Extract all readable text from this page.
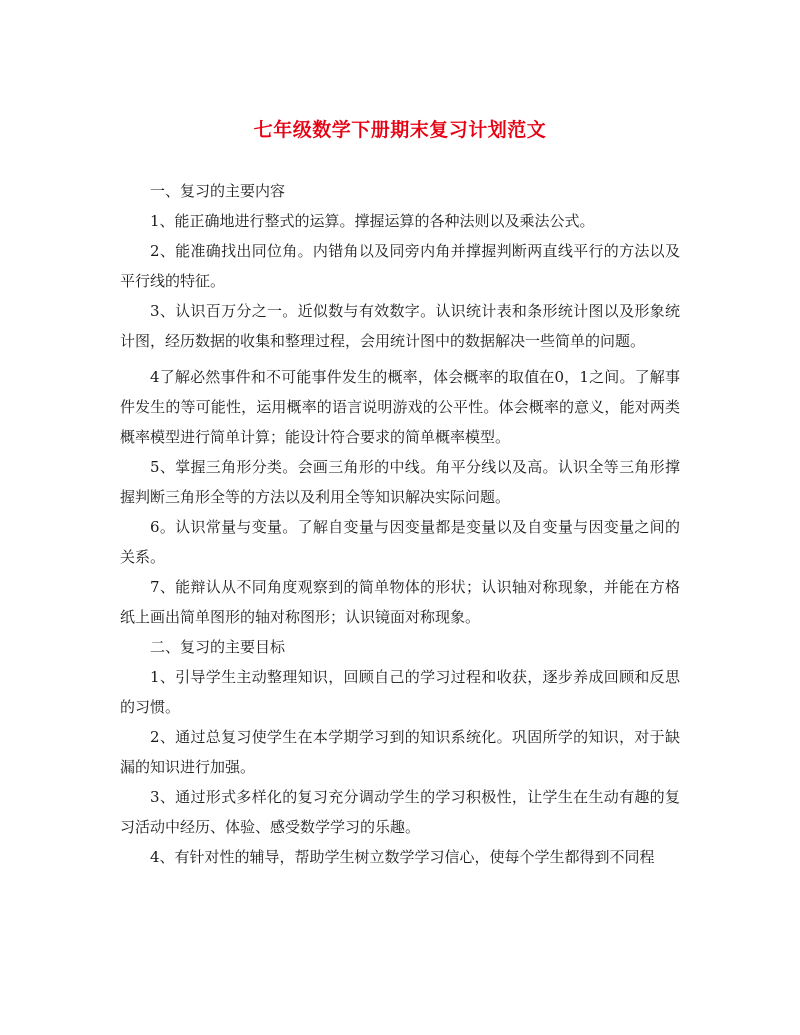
七年级数学下册期末复习计划范文

一、复习的主要内容

1、能正确地进行整式的运算。撑握运算的各种法则以及乘法公式。

2、能准确找出同位角。内错角以及同旁内角并撑握判断两直线平行的方法以及平行线的特征。

3、认识百万分之一。近似数与有效数字。认识统计表和条形统计图以及形象统计图，经历数据的收集和整理过程，会用统计图中的数据解决一些简单的问题。

4了解必然事件和不可能事件发生的概率，体会概率的取值在0，1之间。了解事件发生的等可能性，运用概率的语言说明游戏的公平性。体会概率的意义，能对两类概率模型进行简单计算；能设计符合要求的简单概率模型。

5、掌握三角形分类。会画三角形的中线。角平分线以及高。认识全等三角形撑握判断三角形全等的方法以及利用全等知识解决实际问题。

6。认识常量与变量。了解自变量与因变量都是变量以及自变量与因变量之间的关系。

7、能辩认从不同角度观察到的简单物体的形状；认识轴对称现象，并能在方格纸上画出简单图形的轴对称图形；认识镜面对称现象。

二、复习的主要目标

1、引导学生主动整理知识，回顾自己的学习过程和收获，逐步养成回顾和反思的习惯。

2、通过总复习使学生在本学期学习到的知识系统化。巩固所学的知识，对于缺漏的知识进行加强。

3、通过形式多样化的复习充分调动学生的学习积极性，让学生在生动有趣的复习活动中经历、体验、感受数学学习的乐趣。

4、有针对性的辅导，帮助学生树立数学学习信心，使每个学生都得到不同程
